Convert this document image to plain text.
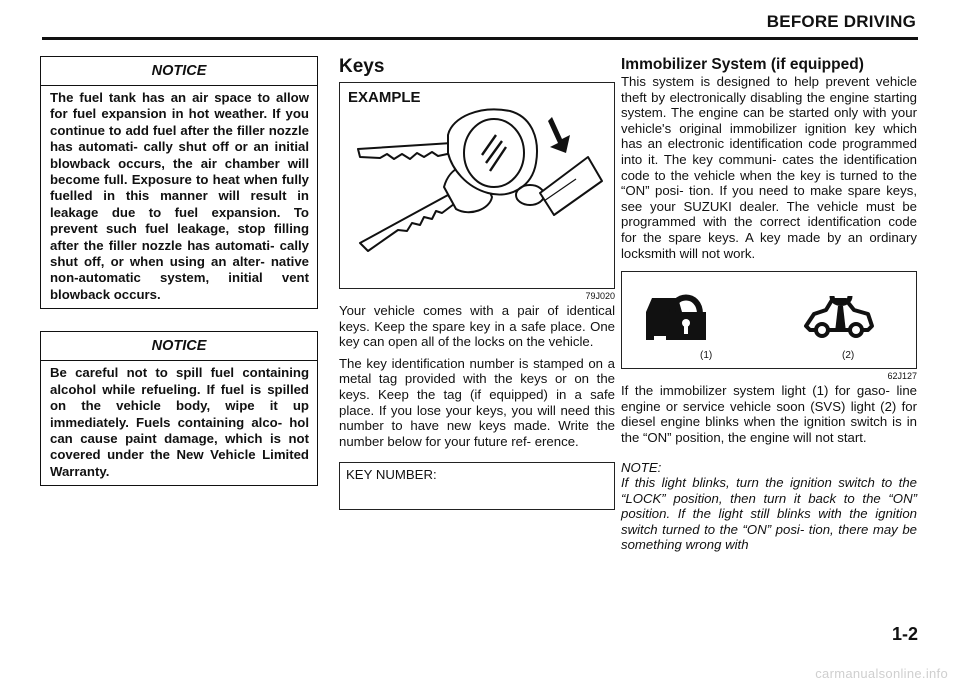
BEFORE DRIVING
NOTICE
The fuel tank has an air space to allow for fuel expansion in hot weather. If you continue to add fuel after the filler nozzle has automati- cally shut off or an initial blowback occurs, the air chamber will become full. Exposure to heat when fully fuelled in this manner will result in leakage due to fuel expansion. To prevent such fuel leakage, stop filling after the filler nozzle has automati- cally shut off, or when using an alter- native non-automatic system, initial vent blowback occurs.
NOTICE
Be careful not to spill fuel containing alcohol while refueling. If fuel is spilled on the vehicle body, wipe it up immediately. Fuels containing alco- hol can cause paint damage, which is not covered under the New Vehicle Limited Warranty.
Keys
EXAMPLE
79J020

Your vehicle comes with a pair of identical keys. Keep the spare key in a safe place. One key can open all of the locks on the vehicle.

The key identification number is stamped on a metal tag provided with the keys or on the keys. Keep the tag (if equipped) in a safe place. If you lose your keys, you will need this number to have new keys made. Write the number below for your future ref- erence.

KEY NUMBER:
Immobilizer System (if equipped)

This system is designed to help prevent vehicle theft by electronically disabling the engine starting system. The engine can be started only with your vehicle's original immobilizer ignition key which has an electronic identification code programmed into it. The key communi- cates the identification code to the vehicle when the key is turned to the “ON” posi- tion. If you need to make spare keys, see your SUZUKI dealer. The vehicle must be programmed with the correct identification code for the spare keys. A key made by an ordinary locksmith will not work.

(1)	(2)
62J127

If the immobilizer system light (1) for gaso- line engine or service vehicle soon (SVS) light (2) for diesel engine blinks when the ignition switch is in the “ON” position, the engine will not start.

NOTE:

If this light blinks, turn the ignition switch to the “LOCK” position, then turn it back to the “ON” position. If the light still blinks with the ignition switch turned to the “ON” posi- tion, there may be something wrong with

1-2
carmanualsonline.info
